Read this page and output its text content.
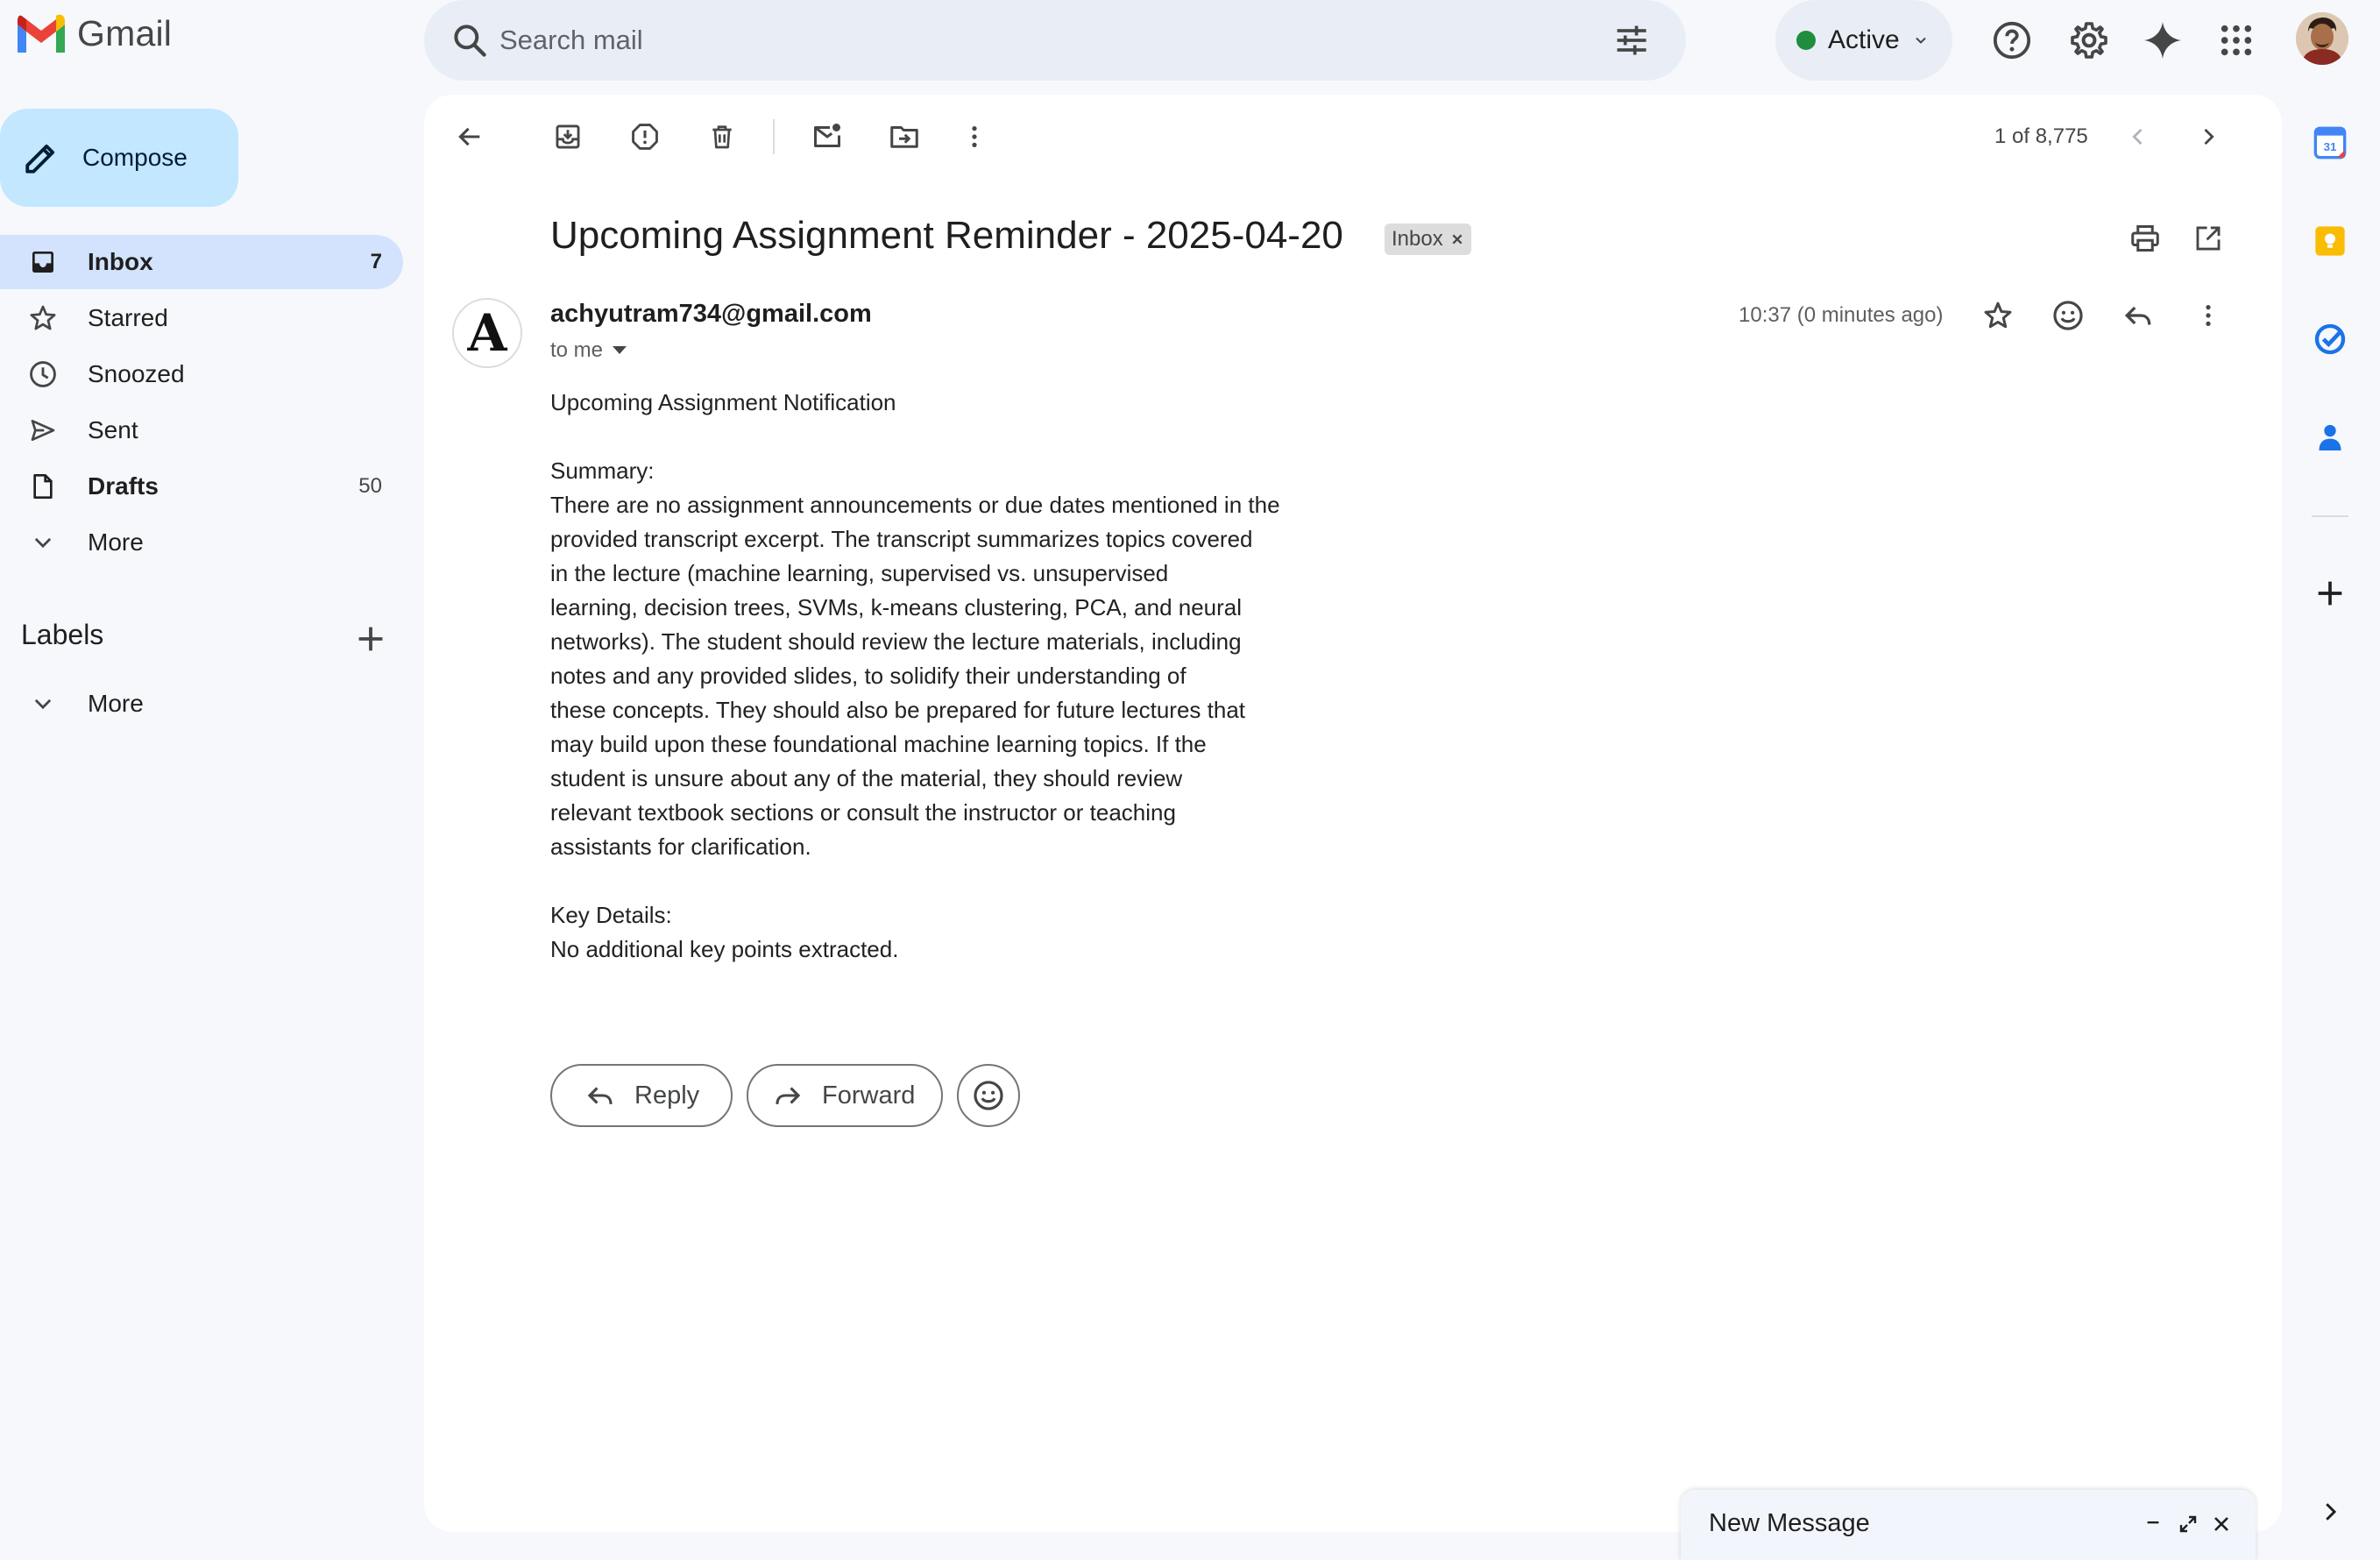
Gmail
Search mail	Active
Compose
Inbox	7
Starred
Snoozed
Sent
Drafts	50
More
Labels
More
1 of 8,775
Upcoming Assignment Reminder - 2025-04-20 Inbox
A	achyutram734@gmail.com
to me
10:37 (0 minutes ago)

Upcoming Assignment Notification

Summary:

There are no assignment announcements or due dates mentioned in the

provided transcript excerpt. The transcript summarizes topics covered

in the lecture (machine learning, supervised vs. unsupervised

learning, decision trees, SVMs, k-means clustering, PCA, and neural

networks). The student should review the lecture materials, including

notes and any provided slides, to solidify their understanding of

these concepts. They should also be prepared for future lectures that

may build upon these foundational machine learning topics. If the

student is unsure about any of the material, they should review

relevant textbook sections or consult the instructor or teaching

assistants for clarification.

Key Details:

No additional key points extracted.

Reply	Forward
31
New Message
